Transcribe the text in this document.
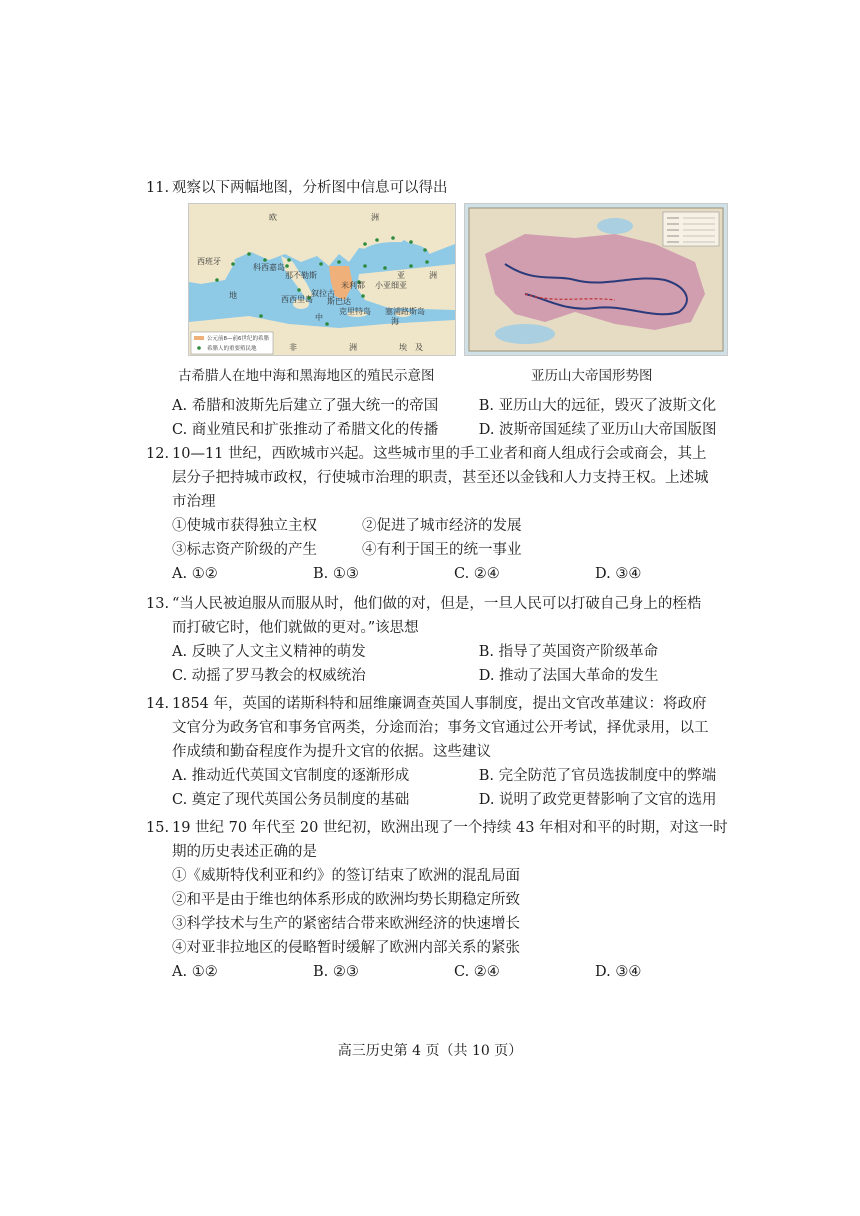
11. 观察以下两幅地图，分析图中信息可以得出
欧	洲
西班牙
科西嘉岛
那不勒斯
西西里岛
叙拉古
米利都
斯巴达
小亚细亚
克里特岛
亚	洲
塞浦路斯岛
非	洲	埃 及
地
中	海
公元前8—前6世纪的希腊
希腊人的重要殖民地
古希腊人在地中海和黑海地区的殖民示意图	亚历山大帝国形势图
A. 希腊和波斯先后建立了强大统一的帝国	B. 亚历山大的远征，毁灭了波斯文化
C. 商业殖民和扩张推动了希腊文化的传播	D. 波斯帝国延续了亚历山大帝国版图
12. 10—11 世纪，西欧城市兴起。这些城市里的手工业者和商人组成行会或商会，其上
层分子把持城市政权，行使城市治理的职责，甚至还以金钱和人力支持王权。上述城
市治理
①使城市获得独立主权	②促进了城市经济的发展
③标志资产阶级的产生	④有利于国王的统一事业
A. ①②	B. ①③	C. ②④	D. ③④
13. “当人民被迫服从而服从时，他们做的对，但是，一旦人民可以打破自己身上的桎梏
而打破它时，他们就做的更对。”该思想
A. 反映了人文主义精神的萌发	B. 指导了英国资产阶级革命
C. 动摇了罗马教会的权威统治	D. 推动了法国大革命的发生
14. 1854 年，英国的诺斯科特和屈维廉调查英国人事制度，提出文官改革建议：将政府
文官分为政务官和事务官两类，分途而治；事务文官通过公开考试，择优录用，以工
作成绩和勤奋程度作为提升文官的依据。这些建议
A. 推动近代英国文官制度的逐渐形成	B. 完全防范了官员选拔制度中的弊端
C. 奠定了现代英国公务员制度的基础	D. 说明了政党更替影响了文官的选用
15. 19 世纪 70 年代至 20 世纪初，欧洲出现了一个持续 43 年相对和平的时期，对这一时
期的历史表述正确的是
①《威斯特伐利亚和约》的签订结束了欧洲的混乱局面
②和平是由于维也纳体系形成的欧洲均势长期稳定所致
③科学技术与生产的紧密结合带来欧洲经济的快速增长
④对亚非拉地区的侵略暂时缓解了欧洲内部关系的紧张
A. ①②	B. ②③	C. ②④	D. ③④
高三历史第 4 页（共 10 页）
